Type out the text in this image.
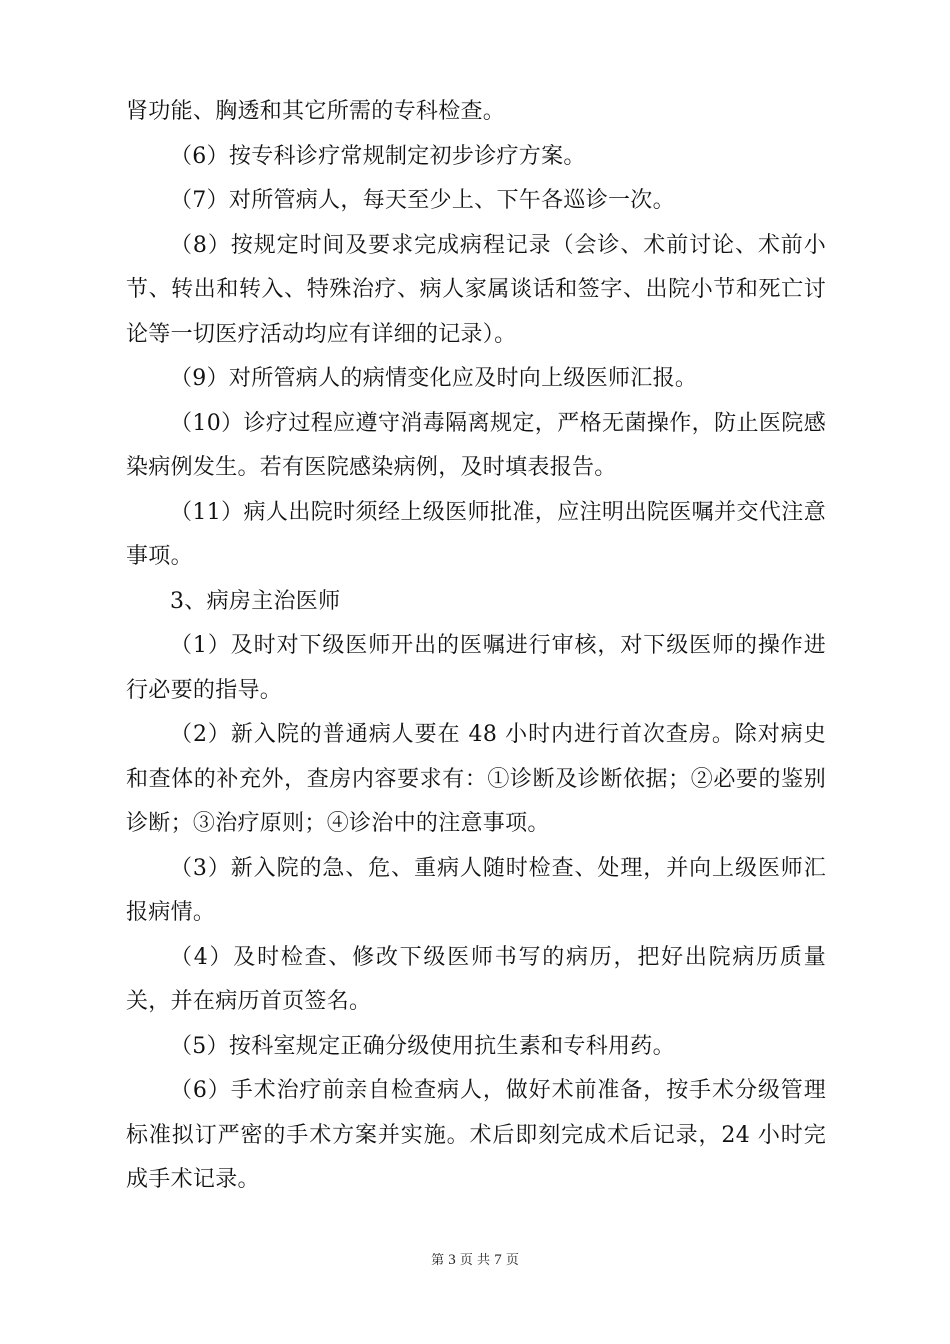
肾功能、胸透和其它所需的专科检查。

（6）按专科诊疗常规制定初步诊疗方案。

（7）对所管病人，每天至少上、下午各巡诊一次。

（8）按规定时间及要求完成病程记录（会诊、术前讨论、术前小节、转出和转入、特殊治疗、病人家属谈话和签字、出院小节和死亡讨论等一切医疗活动均应有详细的记录）。

（9）对所管病人的病情变化应及时向上级医师汇报。

（10）诊疗过程应遵守消毒隔离规定，严格无菌操作，防止医院感染病例发生。若有医院感染病例，及时填表报告。

（11）病人出院时须经上级医师批准，应注明出院医嘱并交代注意事项。

3、病房主治医师

（1）及时对下级医师开出的医嘱进行审核，对下级医师的操作进行必要的指导。

（2）新入院的普通病人要在 48 小时内进行首次查房。除对病史和查体的补充外，查房内容要求有：①诊断及诊断依据；②必要的鉴别诊断；③治疗原则；④诊治中的注意事项。

（3）新入院的急、危、重病人随时检查、处理，并向上级医师汇报病情。

（4）及时检查、修改下级医师书写的病历，把好出院病历质量关，并在病历首页签名。

（5）按科室规定正确分级使用抗生素和专科用药。

（6）手术治疗前亲自检查病人，做好术前准备，按手术分级管理标准拟订严密的手术方案并实施。术后即刻完成术后记录，24 小时完成手术记录。

第 3 页 共 7 页
